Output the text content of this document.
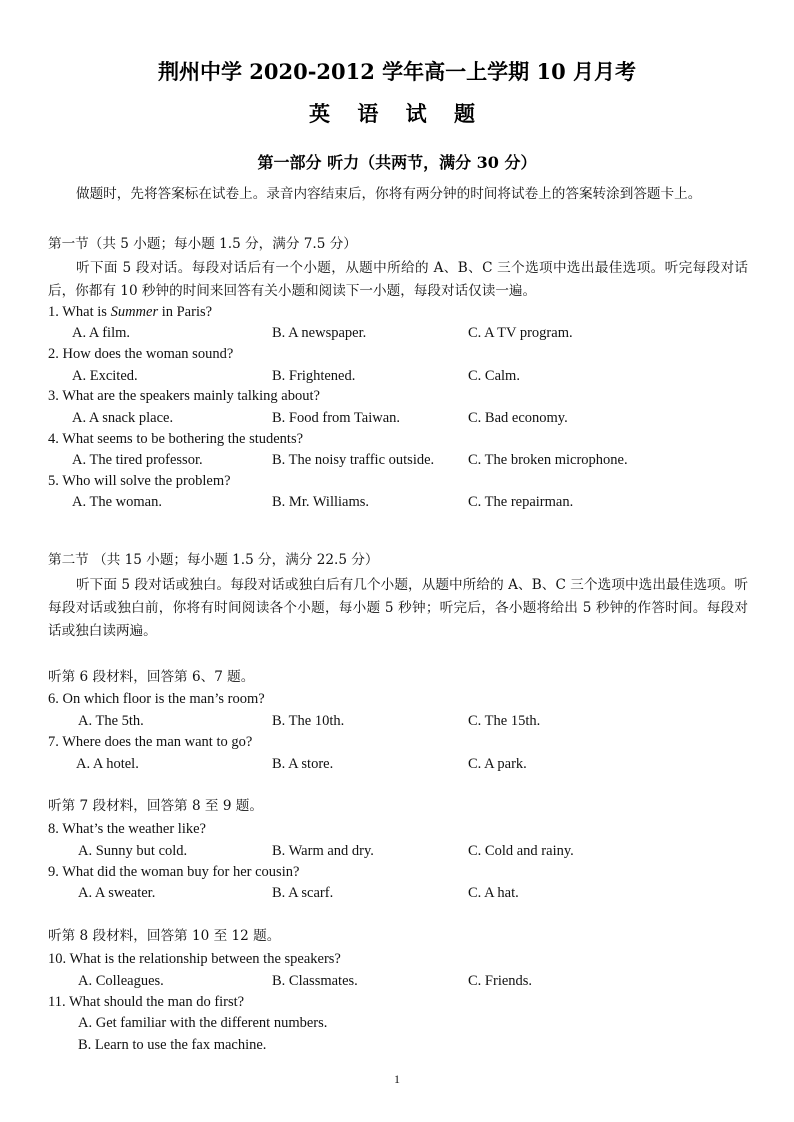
荆州中学 2020-2012 学年高一上学期 10 月月考
英 语 试 题
第一部分 听力（共两节，满分 30 分）
做题时，先将答案标在试卷上。录音内容结束后，你将有两分钟的时间将试卷上的答案转涂到答题卡上。
第一节（共 5 小题；每小题 1.5 分，满分 7.5 分）
听下面 5 段对话。每段对话后有一个小题，从题中所给的 A、B、C 三个选项中选出最佳选项。听完每段对话后，你都有 10 秒钟的时间来回答有关小题和阅读下一小题，每段对话仅读一遍。
1. What is Summer in Paris?
A. A film.	B. A newspaper.	C. A TV program.
2. How does the woman sound?
A. Excited.	B. Frightened.	C. Calm.
3. What are the speakers mainly talking about?
A. A snack place.	B. Food from Taiwan.	C. Bad economy.
4. What seems to be bothering the students?
A. The tired professor.	B. The noisy traffic outside. C. The broken microphone.
5. Who will solve the problem?
A. The woman.	B. Mr. Williams.	C. The repairman.
第二节 （共 15 小题；每小题 1.5 分，满分 22.5 分）
听下面 5 段对话或独白。每段对话或独白后有几个小题，从题中所给的 A、B、C 三个选项中选出最佳选项。听每段对话或独白前，你将有时间阅读各个小题，每小题 5 秒钟；听完后，各小题将给出 5 秒钟的作答时间。每段对话或独白读两遍。
听第 6 段材料，回答第 6、7 题。
6. On which floor is the man’s room?
A. The 5th.	B. The 10th.	C. The 15th.
7. Where does the man want to go?
A. A hotel.	B. A store.	C. A park.
听第 7 段材料，回答第 8 至 9 题。
8. What’s the weather like?
A. Sunny but cold.	B. Warm and dry.	C. Cold and rainy.
9. What did the woman buy for her cousin?
A. A sweater.	B. A scarf.	C. A hat.
听第 8 段材料，回答第 10 至 12 题。
10. What is the relationship between the speakers?
A. Colleagues.	B. Classmates.	C. Friends.
11. What should the man do first?
A. Get familiar with the different numbers.
B. Learn to use the fax machine.
1
